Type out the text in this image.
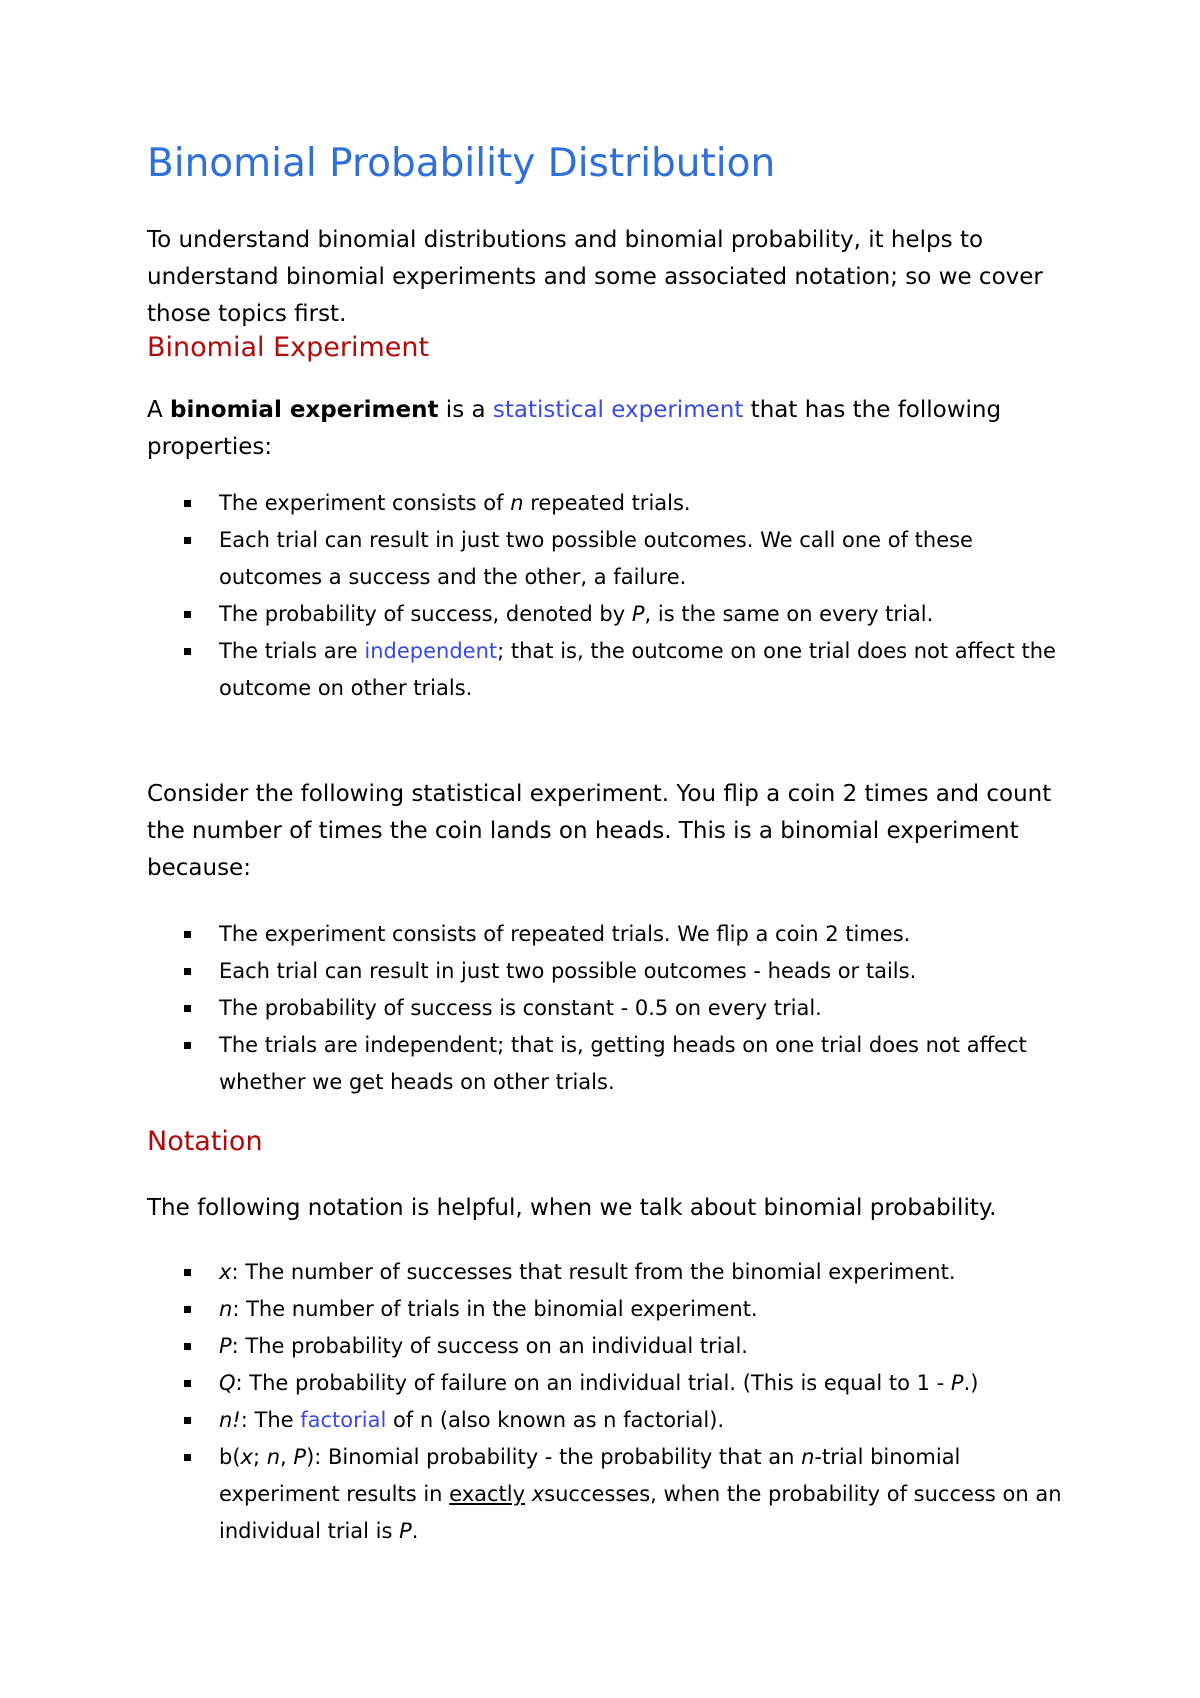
Binomial Probability Distribution

To understand binomial distributions and binomial probability, it helps to understand binomial experiments and some associated notation; so we cover those topics first.

Binomial Experiment

A binomial experiment is a statistical experiment that has the following properties:

The experiment consists of n repeated trials.
Each trial can result in just two possible outcomes. We call one of these outcomes a success and the other, a failure.
The probability of success, denoted by P, is the same on every trial.
The trials are independent; that is, the outcome on one trial does not affect the outcome on other trials.

Consider the following statistical experiment. You flip a coin 2 times and count the number of times the coin lands on heads. This is a binomial experiment because:

The experiment consists of repeated trials. We flip a coin 2 times.
Each trial can result in just two possible outcomes - heads or tails.
The probability of success is constant - 0.5 on every trial.
The trials are independent; that is, getting heads on one trial does not affect whether we get heads on other trials.
Notation

The following notation is helpful, when we talk about binomial probability.

x: The number of successes that result from the binomial experiment.
n: The number of trials in the binomial experiment.
P: The probability of success on an individual trial.
Q: The probability of failure on an individual trial. (This is equal to 1 - P.)
n!: The factorial of n (also known as n factorial).
b(x; n, P): Binomial probability - the probability that an n-trial binomial experiment results in exactly xsuccesses, when the probability of success on an individual trial is P.
